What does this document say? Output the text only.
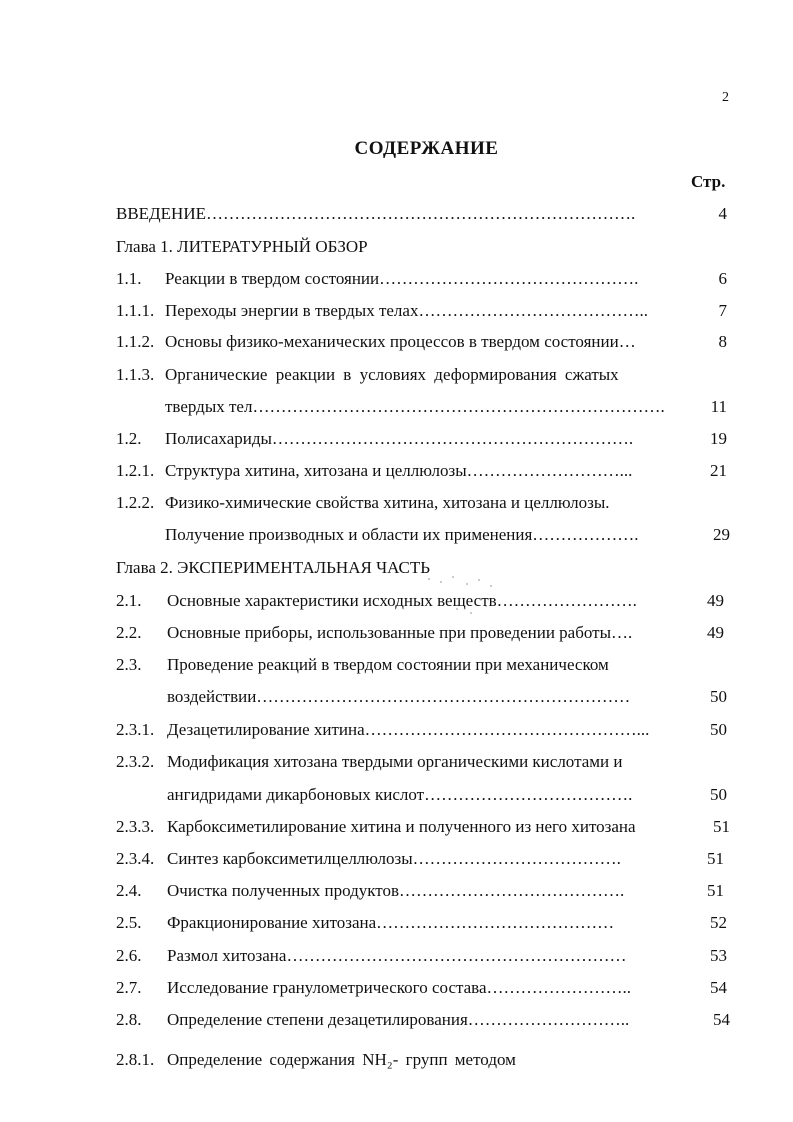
2
СОДЕРЖАНИЕ
Стр.
ВВЕДЕНИЕ………………………………………………………………….	4
Глава 1. ЛИТЕРАТУРНЫЙ ОБЗОР
1.1. Реакции в твердом состоянии……………………………………….	6
1.1.1. Переходы энергии в твердых телах…………………………………..	7
1.1.2. Основы физико-механических процессов в твердом состоянии…	8
1.1.3. Органические реакции в условиях деформирования сжатых
твердых тел……………………………………………………………….	11
1.2. Полисахариды……………………………………………………….	19
1.2.1. Структура хитина, хитозана и целлюлозы………………………...	21
1.2.2. Физико-химические свойства хитина, хитозана и целлюлозы.
Получение производных и области их применения……………….	29
Глава 2. ЭКСПЕРИМЕНТАЛЬНАЯ ЧАСТЬ
2.1. Основные характеристики исходных веществ…………………….	49
2.2. Основные приборы, использованные при проведении работы….	49
2.3. Проведение реакций в твердом состоянии при механическом
воздействии…………………………………………………………	50
2.3.1. Дезацетилирование хитина…………………………………………...	50
2.3.2. Модификация хитозана твердыми органическими кислотами и
ангидридами дикарбоновых кислот……………………………….	50
2.3.3. Карбоксиметилирование хитина и полученного из него хитозана	51
2.3.4. Синтез карбоксиметилцеллюлозы……………………………….	51
2.4. Очистка полученных продуктов………………………………….	51
2.5. Фракционирование хитозана……………………………………	52
2.6. Размол хитозана……………………………………………………	53
2.7. Исследование гранулометрического состава……………………..	54
2.8. Определение степени дезацетилирования………………………..	54
2.8.1. Определение содержания NH₂- групп методом
